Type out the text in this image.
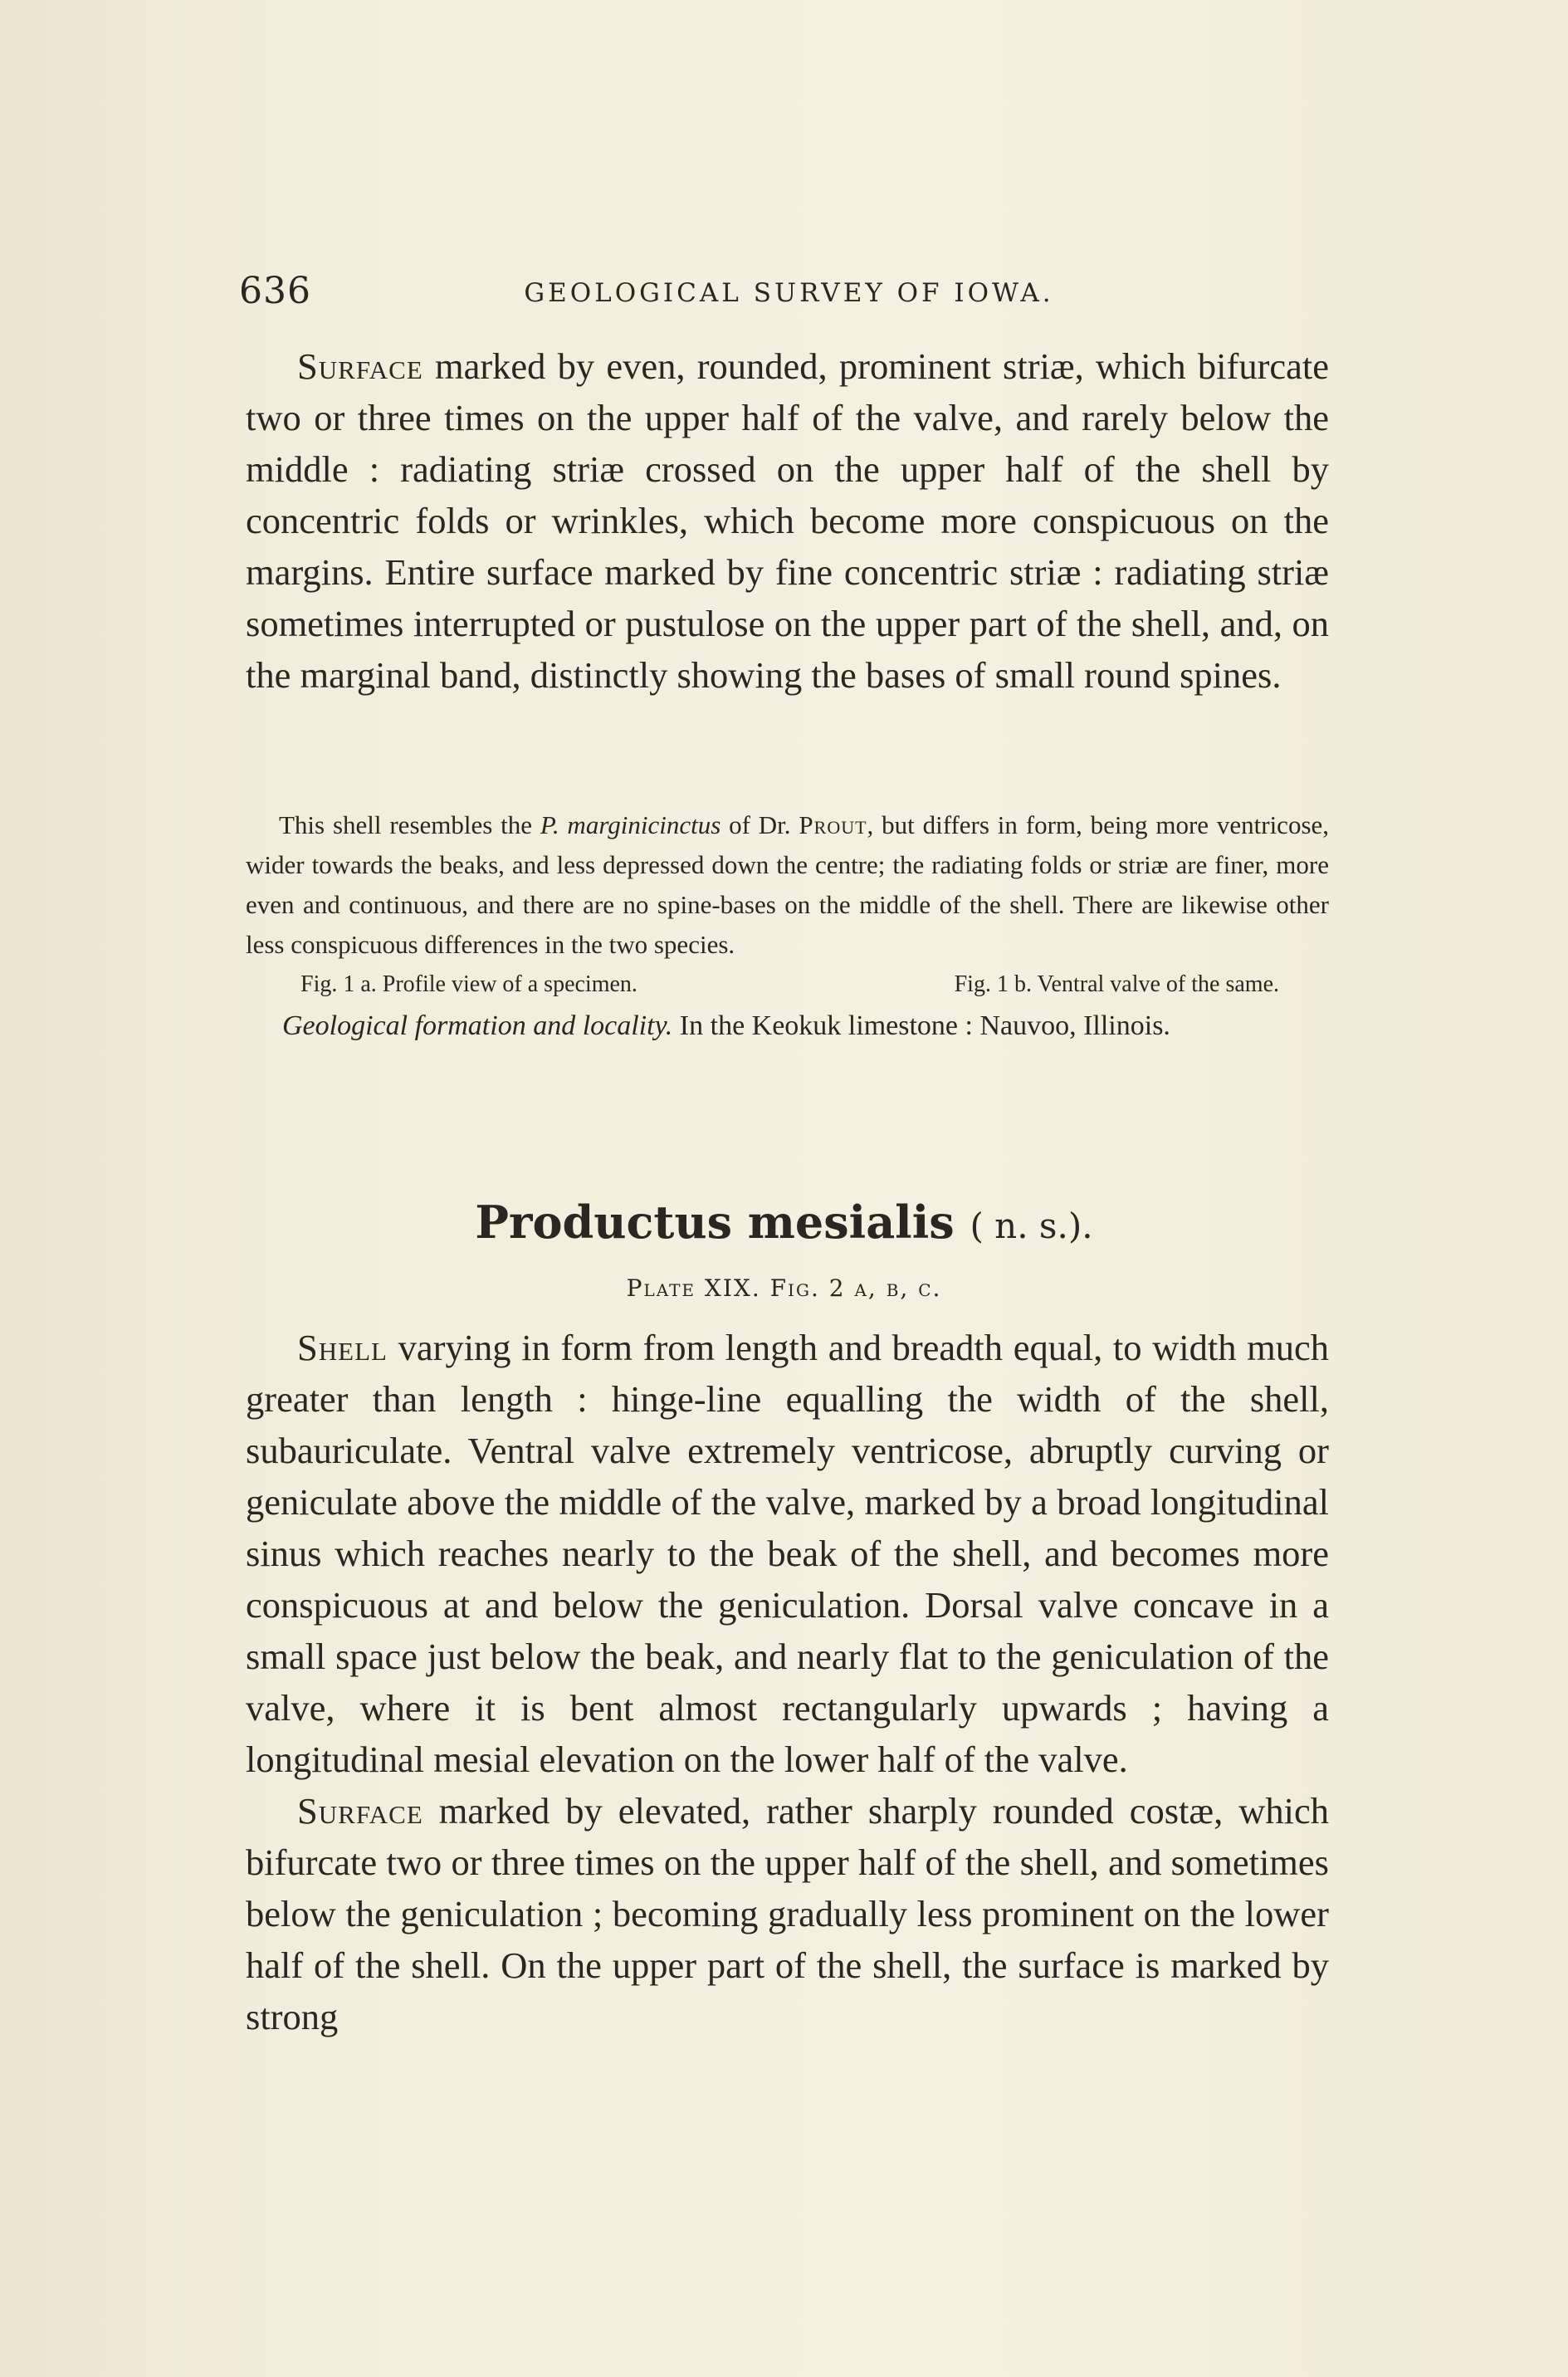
636	GEOLOGICAL SURVEY OF IOWA.

Surface marked by even, rounded, prominent striæ, which bifurcate two or three times on the upper half of the valve, and rarely below the middle : radiating striæ crossed on the upper half of the shell by concentric folds or wrinkles, which become more conspicuous on the margins. Entire surface marked by fine concentric striæ : radiating striæ sometimes interrupted or pustulose on the upper part of the shell, and, on the marginal band, distinctly showing the bases of small round spines.

This shell resembles the P. marginicinctus of Dr. Prout, but differs in form, being more ventricose, wider towards the beaks, and less depressed down the centre; the radiating folds or striæ are finer, more even and continuous, and there are no spine-bases on the middle of the shell. There are likewise other less conspicuous differences in the two species.

Fig. 1 a. Profile view of a specimen.	Fig. 1 b. Ventral valve of the same.

Geological formation and locality. In the Keokuk limestone : Nauvoo, Illinois.

Productus mesialis ( n. s.).
Plate XIX. Fig. 2 a, b, c.

Shell varying in form from length and breadth equal, to width much greater than length : hinge-line equalling the width of the shell, subauriculate. Ventral valve extremely ventricose, abruptly curving or geniculate above the middle of the valve, marked by a broad longitudinal sinus which reaches nearly to the beak of the shell, and becomes more conspicuous at and below the geniculation. Dorsal valve concave in a small space just below the beak, and nearly flat to the geniculation of the valve, where it is bent almost rectangularly upwards ; having a longitudinal mesial elevation on the lower half of the valve.

Surface marked by elevated, rather sharply rounded costæ, which bifurcate two or three times on the upper half of the shell, and sometimes below the geniculation ; becoming gradually less prominent on the lower half of the shell. On the upper part of the shell, the surface is marked by strong
